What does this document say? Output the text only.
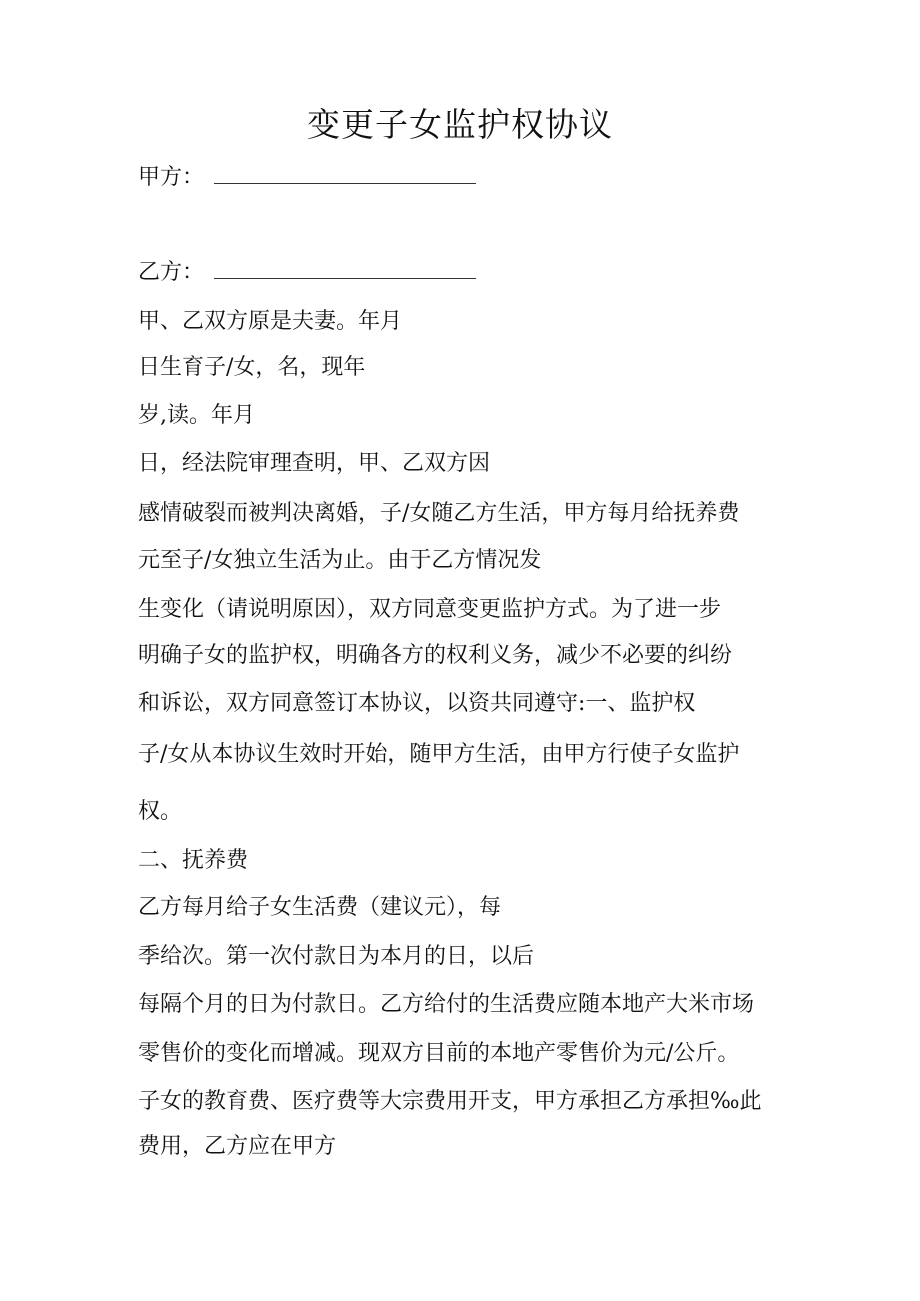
变更子女监护权协议
甲方：
乙方：
甲、乙双方原是夫妻。年月
日生育子/女，名，现年
岁,读。年月
日，经法院审理查明，甲、乙双方因
感情破裂而被判决离婚，子/女随乙方生活，甲方每月给抚养费
元至子/女独立生活为止。由于乙方情况发
生变化（请说明原因），双方同意变更监护方式。为了进一步
明确子女的监护权，明确各方的权利义务，减少不必要的纠纷
和诉讼，双方同意签订本协议，以资共同遵守:一、监护权
子/女从本协议生效时开始，随甲方生活，由甲方行使子女监护
权。
二、抚养费
乙方每月给子女生活费（建议元），每
季给次。第一次付款日为本月的日，以后
每隔个月的日为付款日。乙方给付的生活费应随本地产大米市场
零售价的变化而增减。现双方目前的本地产零售价为元/公斤。
子女的教育费、医疗费等大宗费用开支，甲方承担乙方承担‰此
费用，乙方应在甲方
